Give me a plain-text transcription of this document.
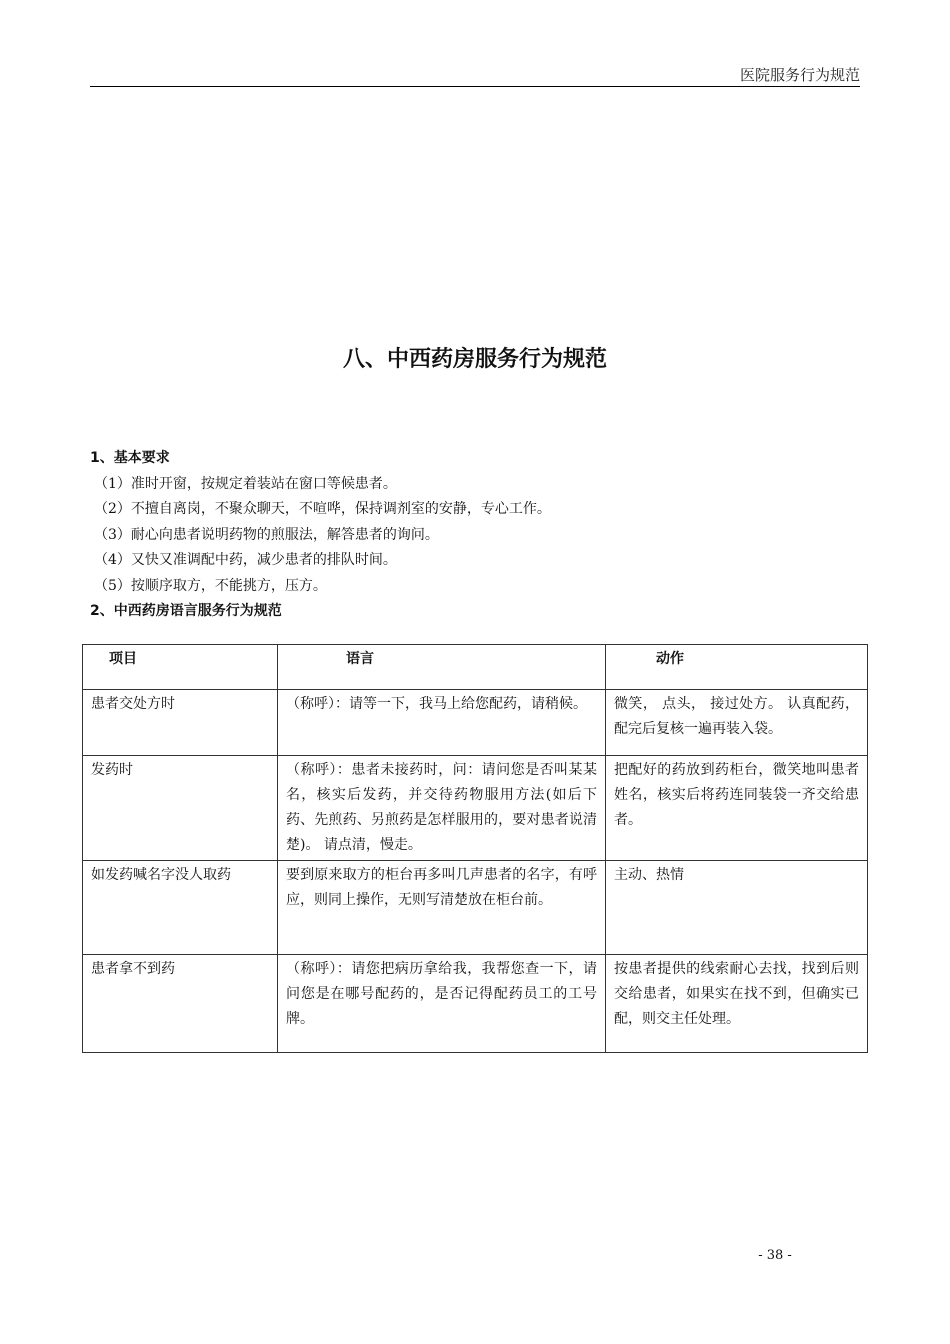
医院服务行为规范
八、中西药房服务行为规范
1、基本要求
（1）准时开窗，按规定着装站在窗口等候患者。
（2）不擅自离岗，不聚众聊天，不喧哗，保持调剂室的安静，专心工作。
（3）耐心向患者说明药物的煎服法，解答患者的询问。
（4）又快又准调配中药，减少患者的排队时间。
（5）按顺序取方，不能挑方，压方。
2、中西药房语言服务行为规范
项目	语言	动作
患者交处方时	（称呼）：请等一下，我马上给您配药，请稍候。	微笑， 点头， 接过处方。 认真配药，配完后复核一遍再装入袋。
发药时	（称呼）：患者未接药时，问：请问您是否叫某某名，核实后发药，并交待药物服用方法(如后下药、先煎药、另煎药是怎样服用的，要对患者说清楚)。 请点清，慢走。	把配好的药放到药柜台，微笑地叫患者姓名，核实后将药连同装袋一齐交给患者。
如发药喊名字没人取药	要到原来取方的柜台再多叫几声患者的名字，有呼应，则同上操作，无则写清楚放在柜台前。	主动、热情
患者拿不到药	（称呼）：请您把病历拿给我，我帮您查一下，请问您是在哪号配药的，是否记得配药员工的工号牌。	按患者提供的线索耐心去找，找到后则交给患者，如果实在找不到，但确实已配，则交主任处理。
- 38 -
